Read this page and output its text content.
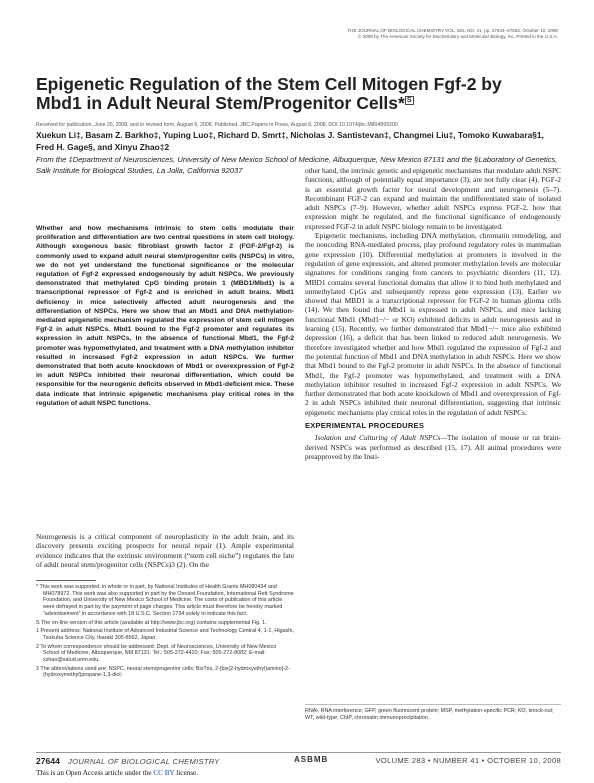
THE JOURNAL OF BIOLOGICAL CHEMISTRY VOL. 283, NO. 41, pp. 27644–27652, October 10, 2008
© 2008 by The American Society for Biochemistry and Molecular Biology, Inc. Printed in the U.S.A.
Epigenetic Regulation of the Stem Cell Mitogen Fgf-2 by Mbd1 in Adult Neural Stem/Progenitor Cells* S
Received for publication, June 26, 2008, and in revised form, August 6, 2008. Published, JBC Papers in Press, August 8, 2008, DOI 10.1074/jbc.M804899200
Xuekun Li‡, Basam Z. Barkho‡, Yuping Luo‡, Richard D. Smrt‡, Nicholas J. Santistevan‡, Changmei Liu‡, Tomoko Kuwabara§1, Fred H. Gage§, and Xinyu Zhao‡2
From the ‡Department of Neurosciences, University of New Mexico School of Medicine, Albuquerque, New Mexico 87131 and the §Laboratory of Genetics, Salk Institute for Biological Studies, La Jolla, California 92037
Whether and how mechanisms intrinsic to stem cells modulate their proliferation and differentiation are two central questions in stem cell biology. Although exogenous basic fibroblast growth factor 2 (FGF-2/Fgf-2) is commonly used to expand adult neural stem/progenitor cells (NSPCs) in vitro, we do not yet understand the functional significance or the molecular regulation of Fgf-2 expressed endogenously by adult NSPCs. We previously demonstrated that methylated CpG binding protein 1 (MBD1/Mbd1) is a transcriptional repressor of Fgf-2 and is enriched in adult brains. Mbd1 deficiency in mice selectively affected adult neurogenesis and the differentiation of NSPCs. Here we show that an Mbd1 and DNA methylation-mediated epigenetic mechanism regulated the expression of stem cell mitogen Fgf-2 in adult NSPCs. Mbd1 bound to the Fgf-2 promoter and regulates its expression in adult NSPCs. In the absence of functional Mbd1, the Fgf-2 promoter was hypomethylated, and treatment with a DNA methylation inhibitor resulted in increased Fgf-2 expression in adult NSPCs. We further demonstrated that both acute knockdown of Mbd1 or overexpression of Fgf-2 in adult NSPCs inhibited their neuronal differentiation, which could be responsible for the neurogenic deficits observed in Mbd1-deficient mice. These data indicate that intrinsic epigenetic mechanisms play critical roles in the regulation of adult NSPC functions.
Neurogenesis is a critical component of neuroplasticity in the adult brain, and its discovery presents exciting prospects for neural repair (1). Ample experimental evidence indicates that the extrinsic environment (“stem cell niche”) regulates the fate of adult neural stem/progenitor cells (NSPCs)3 (2). On the
* This work was supported, in whole or in part, by National Institutes of Health Grants MH080434 and MH078972. This work was also supported in part by the Oxnard Foundation, International Rett Syndrome Foundation, and University of New Mexico School of Medicine. The costs of publication of this article were defrayed in part by the payment of page charges. This article must therefore be hereby marked “advertisement” in accordance with 18 U.S.C. Section 1734 solely to indicate this fact.
S The on-line version of this article (available at http://www.jbc.org) contains supplemental Fig. 1.
1 Present address: National Institute of Advanced Industrial Science and Technology Central 4, 1-1, Higashi, Tsukuba Science City, Ibaraki 305-8562, Japan.
2 To whom correspondence should be addressed: Dept. of Neurosciences, University of New Mexico School of Medicine, Albuquerque, NM 87131. Tel.: 505-272-4410; Fax: 505-272-8082; E-mail: xzhao@salud.unm.edu.
3 The abbreviations used are: NSPC, neural stem/progenitor cells; BisTris, 2-[bis(2-hydroxyethyl)amino]-2-(hydroxymethyl)propane-1,3-diol;

other hand, the intrinsic genetic and epigenetic mechanisms that modulate adult NSPC functions, although of potentially equal importance (3), are not fully clear (4). FGF-2 is an essential growth factor for neural development and neurogenesis (5–7). Recombinant FGF-2 can expand and maintain the undifferentiated state of isolated adult NSPCs (7–9). However, whether adult NSPCs express FGF-2, how that expression might be regulated, and the functional significance of endogenously expressed FGF-2 in adult NSPC biology remain to be investigated.

Epigenetic mechanisms, including DNA methylation, chromatin remodeling, and the noncoding RNA-mediated process, play profound regulatory roles in mammalian gene expression (10). Differential methylation at promoters is involved in the regulation of gene expression, and altered promoter methylation levels are molecular signatures for conditions ranging from cancers to psychiatric disorders (11, 12). MBD1 contains several functional domains that allow it to bind both methylated and unmethylated CpGs and subsequently repress gene expression (13). Earlier we showed that MBD1 is a transcriptional repressor for FGF-2 in human glioma cells (14). We then found that Mbd1 is expressed in adult NSPCs, and mice lacking functional Mbd1 (Mbd1−/− or KO) exhibited deficits in adult neurogenesis and in learning (15). Recently, we further demonstrated that Mbd1−/− mice also exhibited depression (16), a deficit that has been linked to reduced adult neurogenesis. We therefore investigated whether and how Mbd1 regulated the expression of Fgf-2 and the potential function of Mbd1 and DNA methylation in adult NSPCs. Here we show that Mbd1 bound to the Fgf-2 promoter in adult NSPCs. In the absence of functional Mbd1, the Fgf-2 promoter was hypomethylated, and treatment with a DNA methylation inhibitor resulted in increased Fgf-2 expression in adult NSPCs. We further demonstrated that both acute knockdown of Mbd1 and overexpression of Fgf-2 in adult NSPCs inhibited their neuronal differentiation, suggesting that intrinsic epigenetic mechanisms play critical roles in the regulation of adult NSPCs.

EXPERIMENTAL PROCEDURES

Isolation and Culturing of Adult NSPCs—The isolation of mouse or rat brain-derived NSPCs was performed as described (15, 17). All animal procedures were preapproved by the Insti-

RNAi, RNA interference; GFP, green fluorescent protein; MSP, methylation-specific PCR; KO, knock-out; WT, wild-type; ChIP, chromatin immunoprecipitation.
27644 JOURNAL OF BIOLOGICAL CHEMISTRY	ASBMB	VOLUME 283 • NUMBER 41 • OCTOBER 10, 2008
This is an Open Access article under the CC BY license.
